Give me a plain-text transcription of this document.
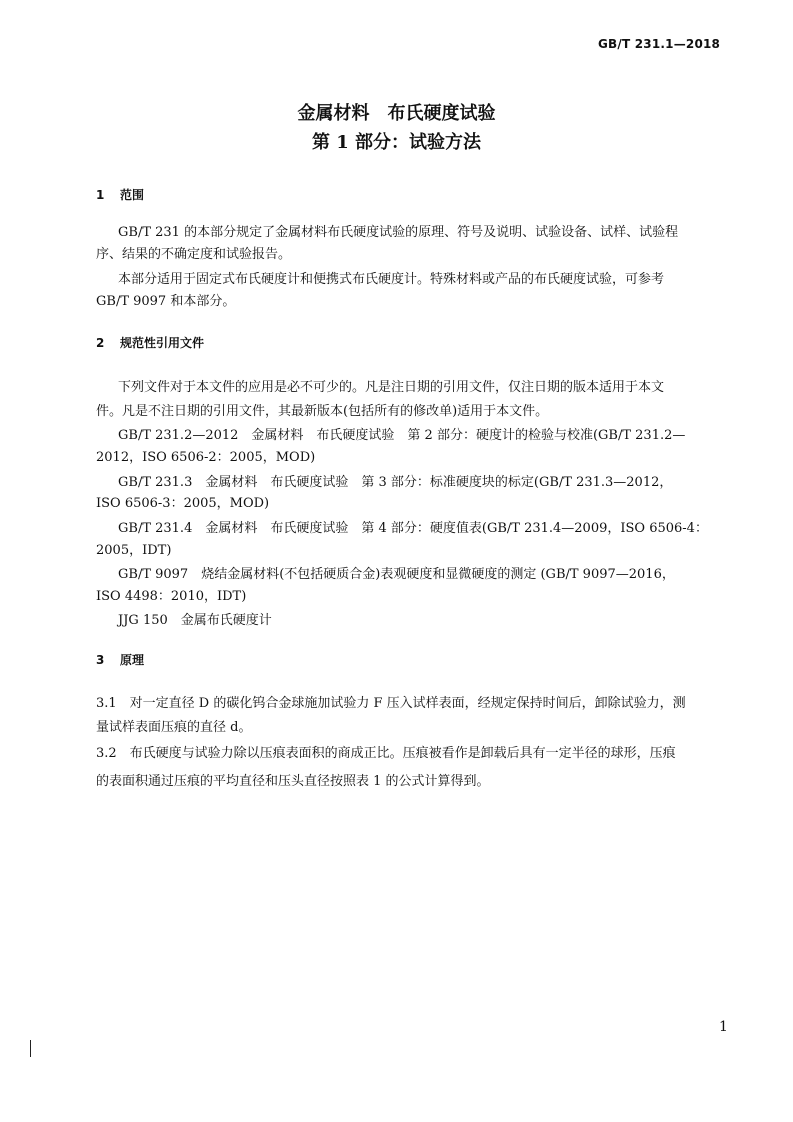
GB/T 231.1—2018
金属材料　布氏硬度试验
第 1 部分：试验方法
1 范围
GB/T 231 的本部分规定了金属材料布氏硬度试验的原理、符号及说明、试验设备、试样、试验程
序、结果的不确定度和试验报告。
本部分适用于固定式布氏硬度计和便携式布氏硬度计。特殊材料或产品的布氏硬度试验，可参考
GB/T 9097 和本部分。
2 规范性引用文件
下列文件对于本文件的应用是必不可少的。凡是注日期的引用文件，仅注日期的版本适用于本文
件。凡是不注日期的引用文件，其最新版本(包括所有的修改单)适用于本文件。
GB/T 231.2—2012　金属材料　布氏硬度试验　第 2 部分：硬度计的检验与校准(GB/T 231.2—
2012，ISO 6506-2：2005，MOD)
GB/T 231.3　金属材料　布氏硬度试验　第 3 部分：标准硬度块的标定(GB/T 231.3—2012，
ISO 6506-3：2005，MOD)
GB/T 231.4　金属材料　布氏硬度试验　第 4 部分：硬度值表(GB/T 231.4—2009，ISO 6506-4：
2005，IDT)
GB/T 9097　烧结金属材料(不包括硬质合金)表观硬度和显微硬度的测定 (GB/T 9097—2016，
ISO 4498：2010，IDT)
JJG 150　金属布氏硬度计
3 原理
3.1　对一定直径 D 的碳化钨合金球施加试验力 F 压入试样表面，经规定保持时间后，卸除试验力，测
量试样表面压痕的直径 d。
3.2　布氏硬度与试验力除以压痕表面积的商成正比。压痕被看作是卸载后具有一定半径的球形，压痕
的表面积通过压痕的平均直径和压头直径按照表 1 的公式计算得到。
1
